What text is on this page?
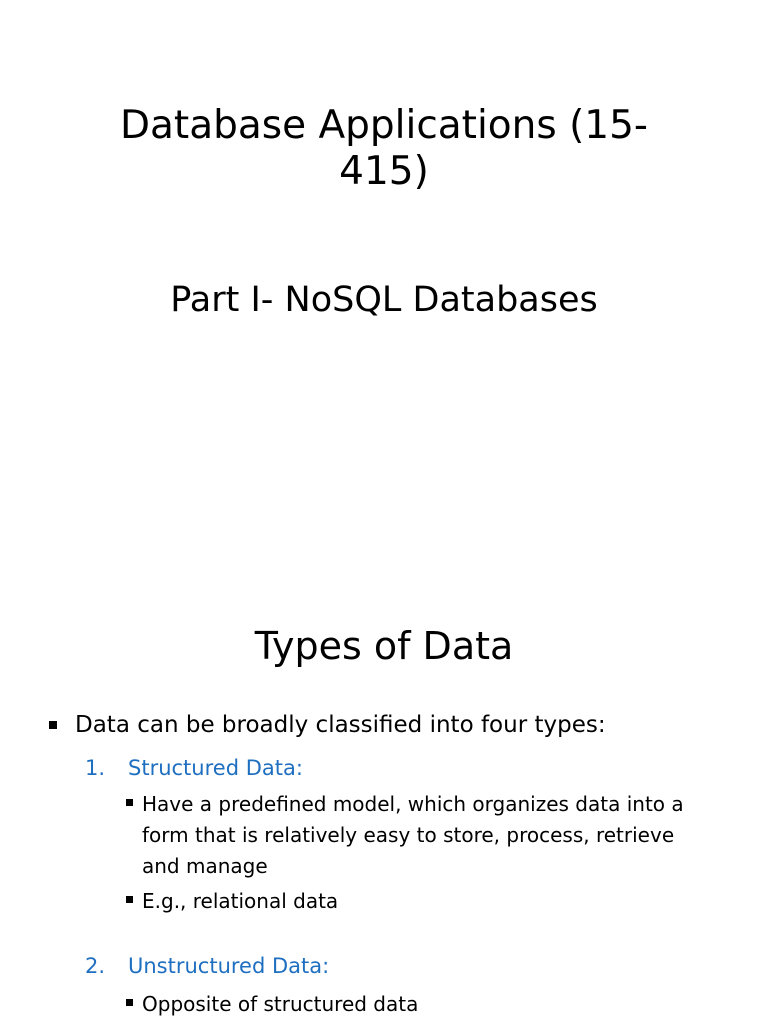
Database Applications (15-415)
Part I- NoSQL Databases
Types of Data
Data can be broadly classified into four types:
1. Structured Data:
Have a predefined model, which organizes data into a form that is relatively easy to store, process, retrieve and manage
E.g., relational data
2. Unstructured Data:
Opposite of structured data
